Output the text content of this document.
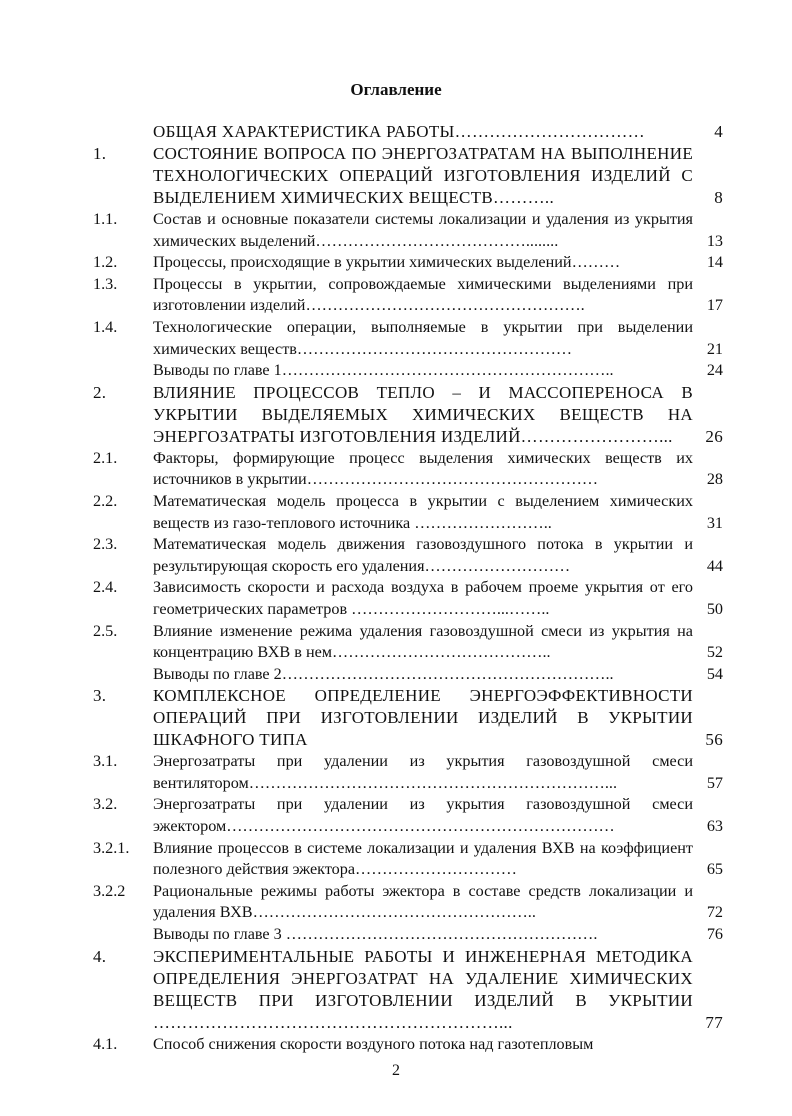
Оглавление
ОБЩАЯ ХАРАКТЕРИСТИКА РАБОТЫ……………………………	4
1.	СОСТОЯНИЕ ВОПРОСА ПО ЭНЕРГОЗАТРАТАМ НА ВЫПОЛНЕНИЕ ТЕХНОЛОГИЧЕСКИХ ОПЕРАЦИЙ ИЗГОТОВЛЕНИЯ ИЗДЕЛИЙ С ВЫДЕЛЕНИЕМ ХИМИЧЕСКИХ ВЕЩЕСТВ………..	8
1.1.	Состав и основные показатели системы локализации и удаления из укрытия химических выделений…………………………………........	13
1.2.	Процессы, происходящие в укрытии химических выделений………	14
1.3.	Процессы в укрытии, сопровождаемые химическими выделениями при изготовлении изделий…………………………………………….	17
1.4.	Технологические операции, выполняемые в укрытии при выделении химических веществ……………………………………………	21
Выводы по главе 1……………………………………………………..	24
2.	ВЛИЯНИЕ ПРОЦЕССОВ ТЕПЛО – И МАССОПЕРЕНОСА В УКРЫТИИ ВЫДЕЛЯЕМЫХ ХИМИЧЕСКИХ ВЕЩЕСТВ НА ЭНЕРГОЗАТРАТЫ ИЗГОТОВЛЕНИЯ ИЗДЕЛИЙ……………………...	26
2.1.	Факторы, формирующие процесс выделения химических веществ их источников в укрытии………………………………………………	28
2.2.	Математическая модель процесса в укрытии с выделением химических веществ из газо-теплового источника ……………………..	31
2.3.	Математическая модель движения газовоздушного потока в укрытии и результирующая скорость его удаления………………………	44
2.4.	Зависимость скорости и расхода воздуха в рабочем проеме укрытия от его геометрических параметров ………………………...……..	50
2.5.	Влияние изменение режима удаления газовоздушной смеси из укрытия на концентрацию ВХВ в нем…………………………………..	52
Выводы по главе 2……………………………………………………..	54
3.	КОМПЛЕКСНОЕ ОПРЕДЕЛЕНИЕ ЭНЕРГОЭФФЕКТИВНОСТИ ОПЕРАЦИЙ ПРИ ИЗГОТОВЛЕНИИ ИЗДЕЛИЙ В УКРЫТИИ ШКАФНОГО ТИПА	56
3.1.	Энергозатраты при удалении из укрытия газовоздушной смеси вентилятором…………………………………………………………...	57
3.2.	Энергозатраты при удалении из укрытия газовоздушной смеси эжектором………………………………………………………………	63
3.2.1.	Влияние процессов в системе локализации и удаления ВХВ на коэффициент полезного действия эжектора…………………………	65
3.2.2	Рациональные режимы работы эжектора в составе средств локализации и удаления ВХВ……………………………………………..	72
Выводы по главе 3 ………………………………………………….	76
4.	ЭКСПЕРИМЕНТАЛЬНЫЕ РАБОТЫ И ИНЖЕНЕРНАЯ МЕТОДИКА ОПРЕДЕЛЕНИЯ ЭНЕРГОЗАТРАТ НА УДАЛЕНИЕ ХИМИЧЕСКИХ ВЕЩЕСТВ ПРИ ИЗГОТОВЛЕНИИ ИЗДЕЛИЙ В УКРЫТИИ ……………………………………………………...	77
4.1.	Способ снижения скорости воздуного потока над газотепловым
2
